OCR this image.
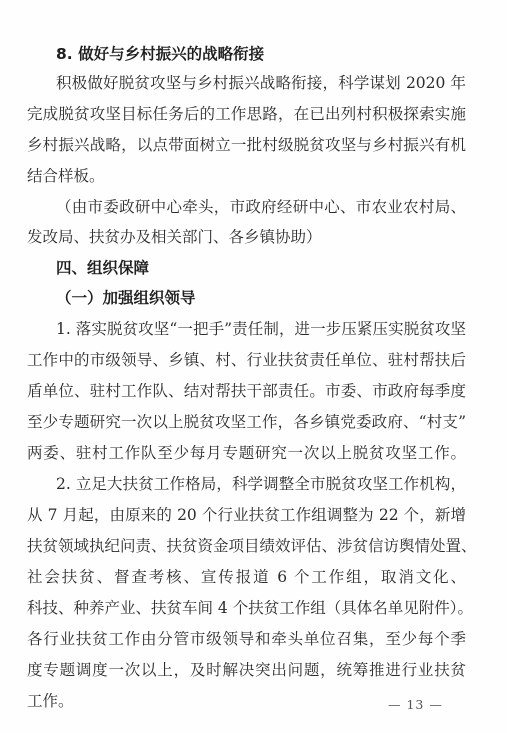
8. 做好与乡村振兴的战略衔接
积极做好脱贫攻坚与乡村振兴战略衔接，科学谋划 2020 年
完成脱贫攻坚目标任务后的工作思路，在已出列村积极探索实施
乡村振兴战略，以点带面树立一批村级脱贫攻坚与乡村振兴有机
结合样板。
（由市委政研中心牵头，市政府经研中心、市农业农村局、
发改局、扶贫办及相关部门、各乡镇协助）
四、组织保障
（一）加强组织领导
1. 落实脱贫攻坚“一把手”责任制，进一步压紧压实脱贫攻坚
工作中的市级领导、乡镇、村、行业扶贫责任单位、驻村帮扶后
盾单位、驻村工作队、结对帮扶干部责任。市委、市政府每季度
至少专题研究一次以上脱贫攻坚工作，各乡镇党委政府、“村支”
两委、驻村工作队至少每月专题研究一次以上脱贫攻坚工作。
2. 立足大扶贫工作格局，科学调整全市脱贫攻坚工作机构，
从 7 月起，由原来的 20 个行业扶贫工作组调整为 22 个，新增
扶贫领域执纪问责、扶贫资金项目绩效评估、涉贫信访舆情处置、
社会扶贫、督查考核、宣传报道 6 个工作组，取消文化、
科技、种养产业、扶贫车间 4 个扶贫工作组（具体名单见附件）。
各行业扶贫工作由分管市级领导和牵头单位召集，至少每个季
度专题调度一次以上，及时解决突出问题，统筹推进行业扶贫
工作。	— 13 —
